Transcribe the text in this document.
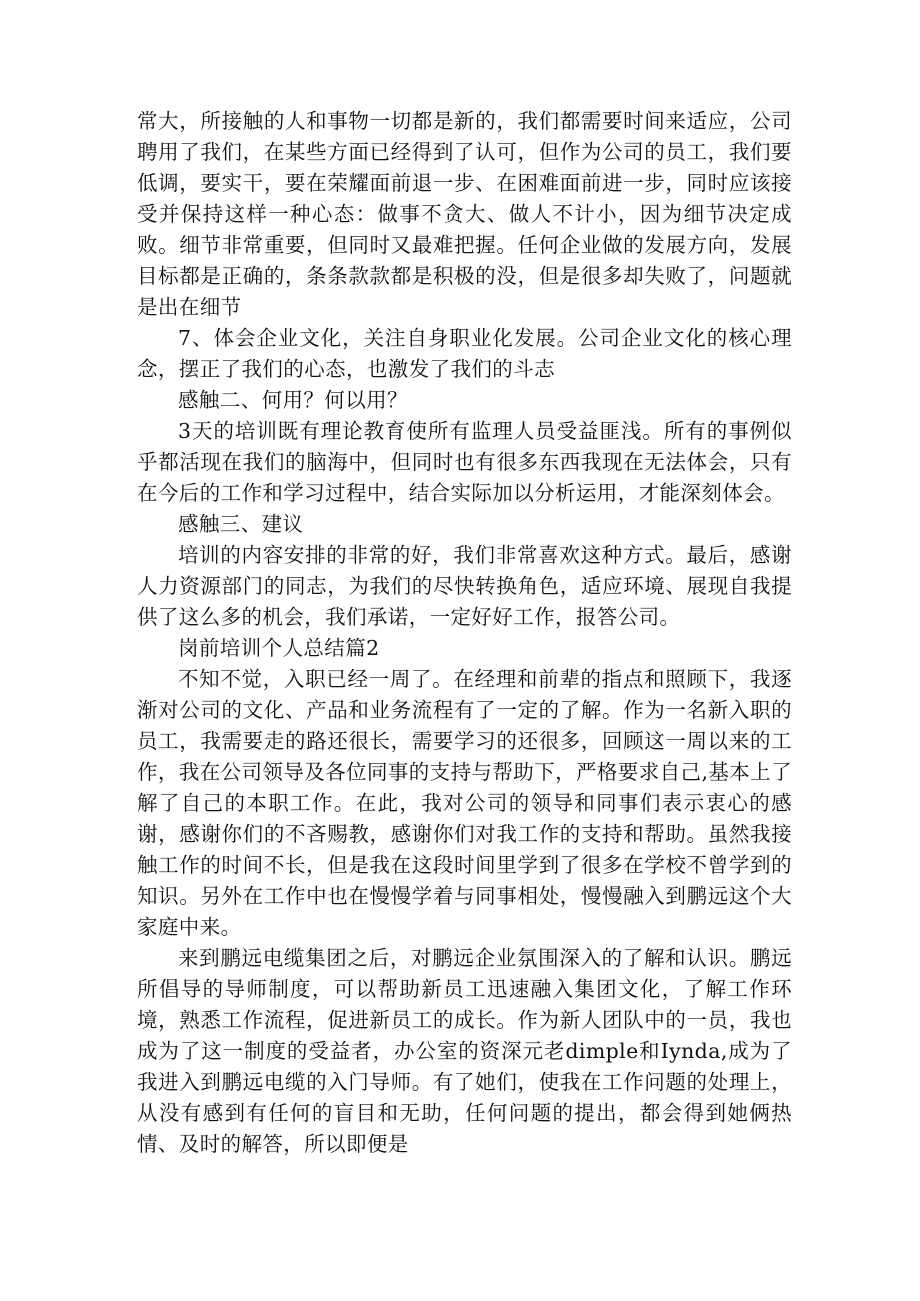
常大，所接触的人和事物一切都是新的，我们都需要时间来适应，公司聘用了我们，在某些方面已经得到了认可，但作为公司的员工，我们要低调，要实干，要在荣耀面前退一步、在困难面前进一步，同时应该接受并保持这样一种心态：做事不贪大、做人不计小，因为细节决定成败。细节非常重要，但同时又最难把握。任何企业做的发展方向，发展目标都是正确的，条条款款都是积极的没，但是很多却失败了，问题就是出在细节

7、体会企业文化，关注自身职业化发展。公司企业文化的核心理念，摆正了我们的心态，也激发了我们的斗志

感触二、何用？何以用？

3天的培训既有理论教育使所有监理人员受益匪浅。所有的事例似乎都活现在我们的脑海中，但同时也有很多东西我现在无法体会，只有在今后的工作和学习过程中，结合实际加以分析运用，才能深刻体会。

感触三、建议

培训的内容安排的非常的好，我们非常喜欢这种方式。最后，感谢人力资源部门的同志，为我们的尽快转换角色，适应环境、展现自我提供了这么多的机会，我们承诺，一定好好工作，报答公司。

岗前培训个人总结篇2

不知不觉，入职已经一周了。在经理和前辈的指点和照顾下，我逐渐对公司的文化、产品和业务流程有了一定的了解。作为一名新入职的员工，我需要走的路还很长，需要学习的还很多，回顾这一周以来的工作，我在公司领导及各位同事的支持与帮助下，严格要求自己,基本上了解了自己的本职工作。在此，我对公司的领导和同事们表示衷心的感谢，感谢你们的不吝赐教，感谢你们对我工作的支持和帮助。虽然我接触工作的时间不长，但是我在这段时间里学到了很多在学校不曾学到的知识。另外在工作中也在慢慢学着与同事相处，慢慢融入到鹏远这个大家庭中来。

来到鹏远电缆集团之后，对鹏远企业氛围深入的了解和认识。鹏远所倡导的导师制度，可以帮助新员工迅速融入集团文化，了解工作环境，熟悉工作流程，促进新员工的成长。作为新人团队中的一员，我也成为了这一制度的受益者，办公室的资深元老dimple和Iynda,成为了我进入到鹏远电缆的入门导师。有了她们，使我在工作问题的处理上，从没有感到有任何的盲目和无助，任何问题的提出，都会得到她俩热情、及时的解答，所以即便是
